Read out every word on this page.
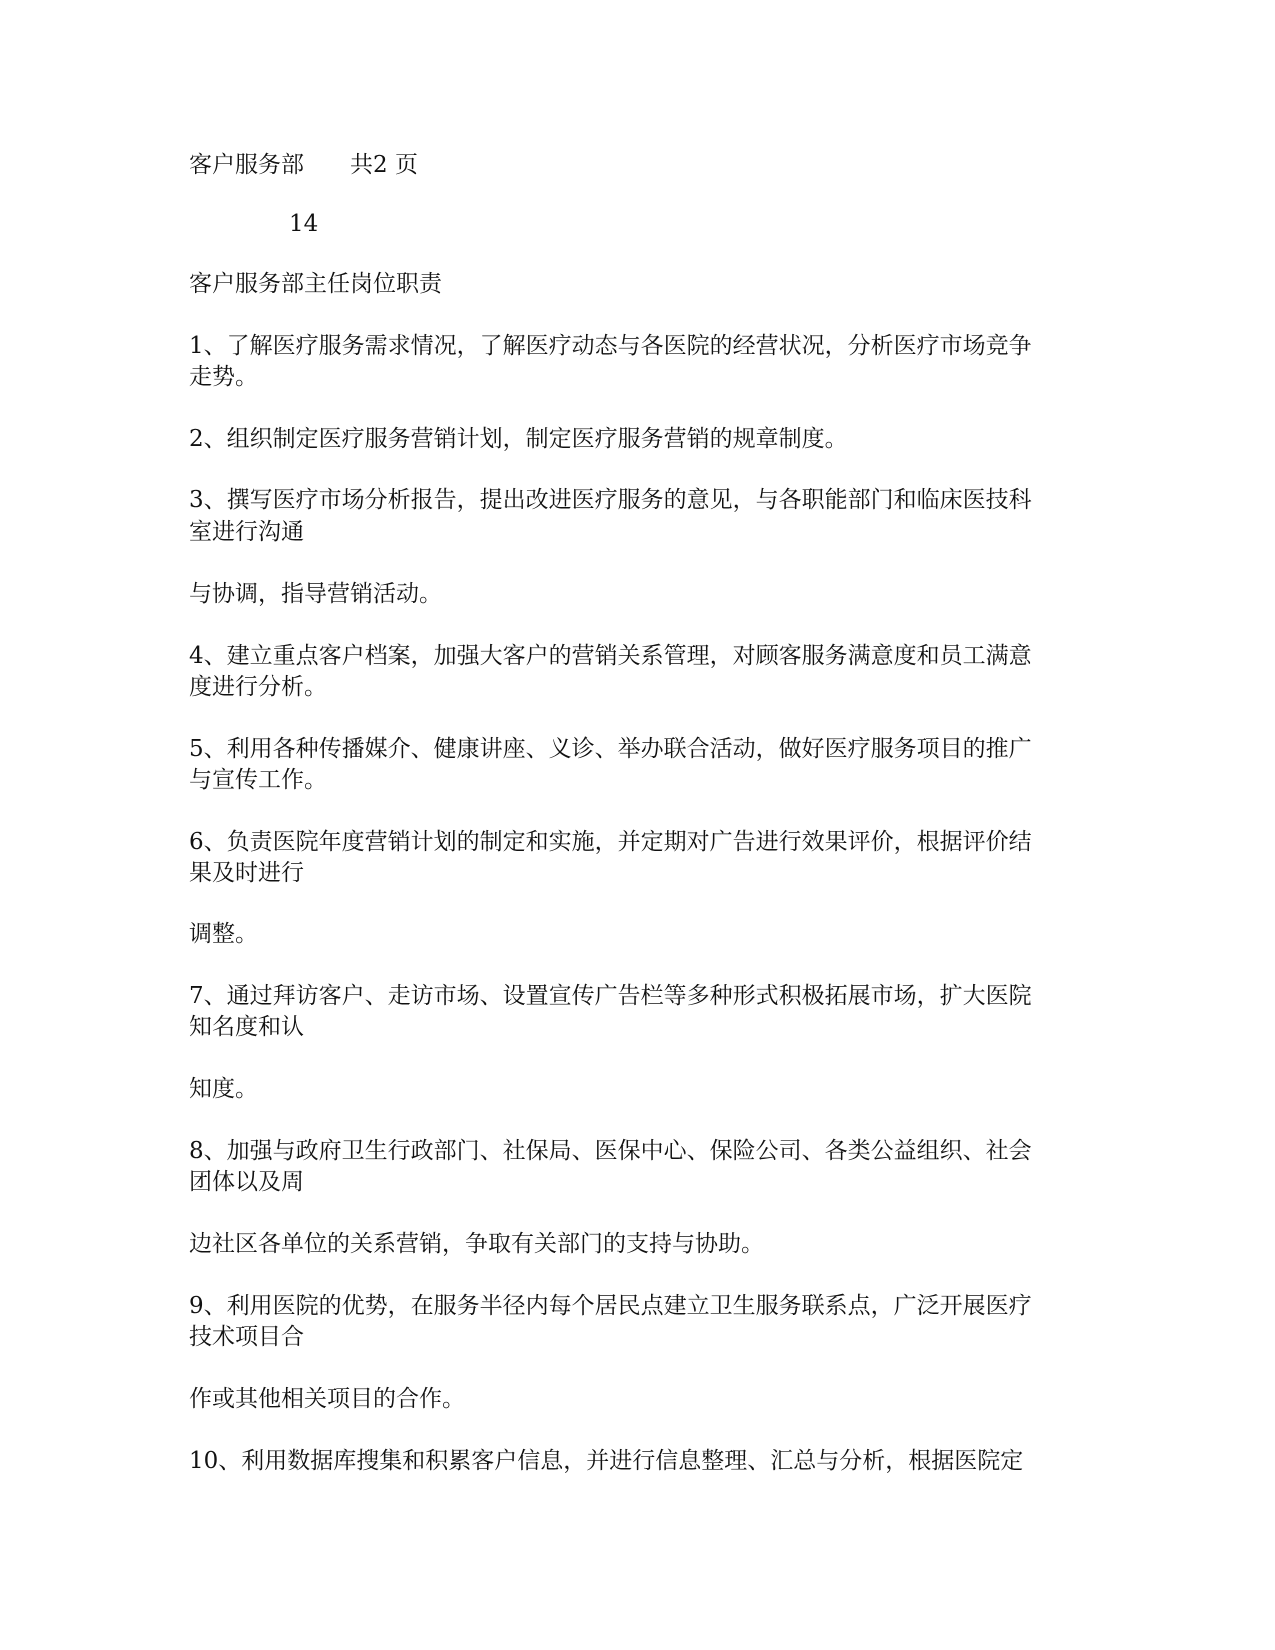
客户服务部 共2 页

14

客户服务部主任岗位职责

1、了解医疗服务需求情况，了解医疗动态与各医院的经营状况，分析医疗市场竞争

走势。

2、组织制定医疗服务营销计划，制定医疗服务营销的规章制度。

3、撰写医疗市场分析报告，提出改进医疗服务的意见，与各职能部门和临床医技科

室进行沟通

与协调，指导营销活动。

4、建立重点客户档案，加强大客户的营销关系管理，对顾客服务满意度和员工满意

度进行分析。

5、利用各种传播媒介、健康讲座、义诊、举办联合活动，做好医疗服务项目的推广

与宣传工作。

6、负责医院年度营销计划的制定和实施，并定期对广告进行效果评价，根据评价结

果及时进行

调整。

7、通过拜访客户、走访市场、设置宣传广告栏等多种形式积极拓展市场，扩大医院

知名度和认

知度。

8、加强与政府卫生行政部门、社保局、医保中心、保险公司、各类公益组织、社会

团体以及周

边社区各单位的关系营销，争取有关部门的支持与协助。

9、利用医院的优势，在服务半径内每个居民点建立卫生服务联系点，广泛开展医疗

技术项目合

作或其他相关项目的合作。

10、利用数据库搜集和积累客户信息，并进行信息整理、汇总与分析，根据医院定
